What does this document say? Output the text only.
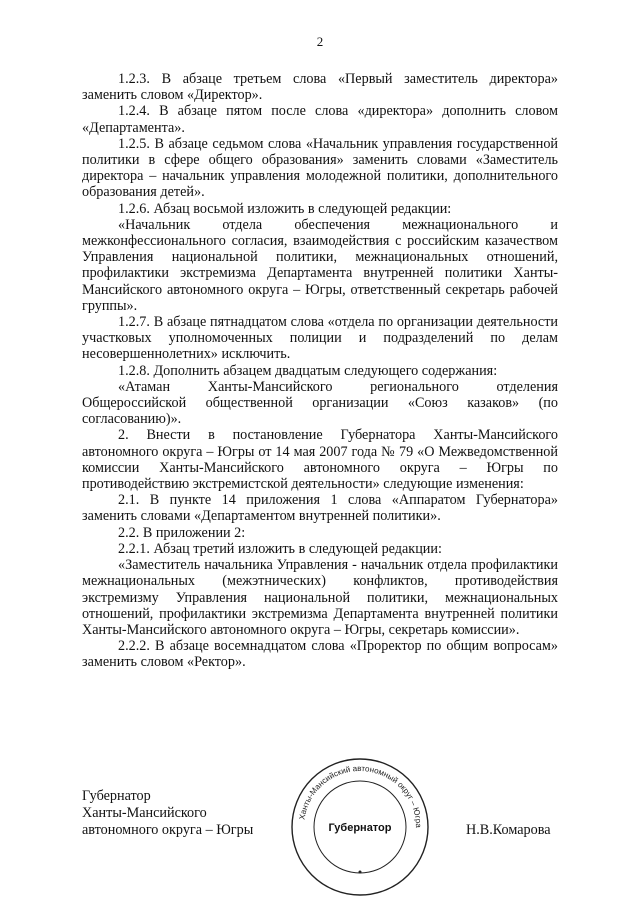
2

1.2.3. В абзаце третьем слова «Первый заместитель директора» заменить словом «Директор».

1.2.4. В абзаце пятом после слова «директора» дополнить словом «Департамента».

1.2.5. В абзаце седьмом слова «Начальник управления государственной политики в сфере общего образования» заменить словами «Заместитель директора – начальник управления молодежной политики, дополнительного образования детей».

1.2.6. Абзац восьмой изложить в следующей редакции:

«Начальник отдела обеспечения межнационального и межконфессионального согласия, взаимодействия с российским казачеством Управления национальной политики, межнациональных отношений, профилактики экстремизма Департамента внутренней политики Ханты-Мансийского автономного округа – Югры, ответственный секретарь рабочей группы».

1.2.7. В абзаце пятнадцатом слова «отдела по организации деятельности участковых уполномоченных полиции и подразделений по делам несовершеннолетних» исключить.

1.2.8. Дополнить абзацем двадцатым следующего содержания:

«Атаман Ханты-Мансийского регионального отделения Общероссийской общественной организации «Союз казаков» (по согласованию)».

2. Внести в постановление Губернатора Ханты-Мансийского автономного округа – Югры от 14 мая 2007 года № 79 «О Межведомственной комиссии Ханты-Мансийского автономного округа – Югры по противодействию экстремистской деятельности» следующие изменения:

2.1. В пункте 14 приложения 1 слова «Аппаратом Губернатора» заменить словами «Департаментом внутренней политики».

2.2. В приложении 2:

2.2.1. Абзац третий изложить в следующей редакции:

«Заместитель начальника Управления - начальник отдела профилактики межнациональных (межэтнических) конфликтов, противодействия экстремизму Управления национальной политики, межнациональных отношений, профилактики экстремизма Департамента внутренней политики Ханты-Мансийского автономного округа – Югры, секретарь комиссии».

2.2.2. В абзаце восемнадцатом слова «Проректор по общим вопросам» заменить словом «Ректор».

Губернатор
Ханты-Мансийского
автономного округа – Югры
Ханты-Мансийский автономный округ – Югра
Губернатор	Н.В.Комарова
